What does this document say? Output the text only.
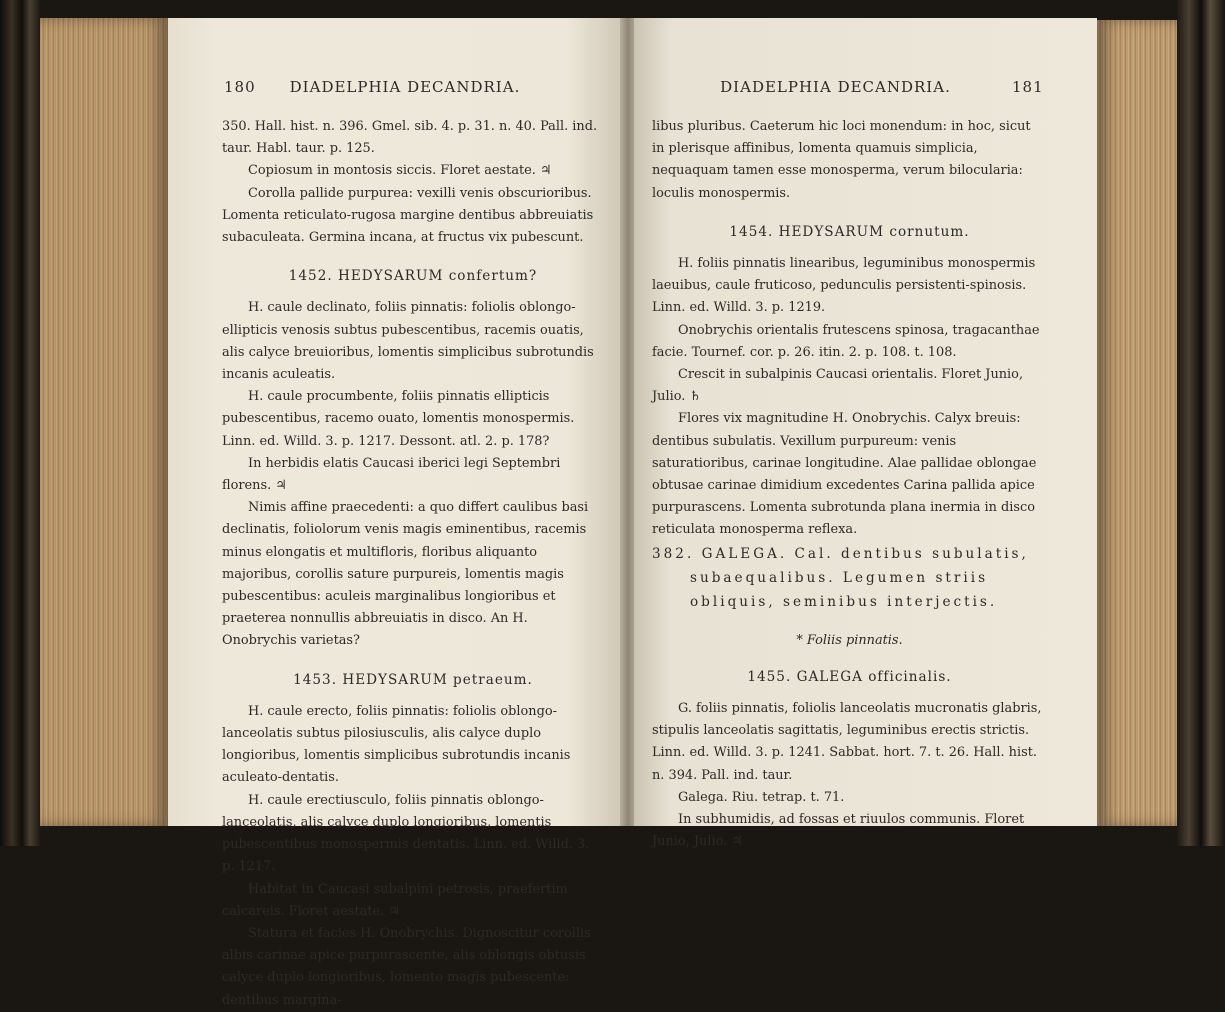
180	DIADELPHIA DECANDRIA.

350. Hall. hist. n. 396. Gmel. sib. 4. p. 31. n. 40. Pall. ind. taur. Habl. taur. p. 125.

Copiosum in montosis siccis. Floret aestate. ♃

Corolla pallide purpurea: vexilli venis obscurioribus. Lomenta reticulato-rugosa margine dentibus abbreuiatis subaculeata. Germina incana, at fructus vix pubescunt.

1452. HEDYSARUM confertum?

H. caule declinato, foliis pinnatis: foliolis oblongo-ellipticis venosis subtus pubescentibus, racemis ouatis, alis calyce breuioribus, lomentis simplicibus subrotundis incanis aculeatis.

H. caule procumbente, foliis pinnatis ellipticis pubescentibus, racemo ouato, lomentis monospermis. Linn. ed. Willd. 3. p. 1217. Dessont. atl. 2. p. 178?

In herbidis elatis Caucasi iberici legi Septembri florens. ♃

Nimis affine praecedenti: a quo differt caulibus basi declinatis, foliolorum venis magis eminentibus, racemis minus elongatis et multifloris, floribus aliquanto majoribus, corollis saturе purpureis, lomentis magis pubescentibus: aculeis marginalibus longioribus et praeterea nonnullis abbreuiatis in disco. An H. Onobrychis varietas?

1453. HEDYSARUM petraeum.

H. caule erecto, foliis pinnatis: foliolis oblongo-lanceolatis subtus pilosiusculis, alis calyce duplo longioribus, lomentis simplicibus subrotundis incanis aculeato-dentatis.

H. caule erectiusculo, foliis pinnatis oblongo-lanceolatis, alis calyce duplo longioribus, lomentis pubescentibus monospermis dentatis. Linn. ed. Willd. 3. p. 1217.

Habitat in Caucasi subalpini petrosis, praefertim calcareis. Floret aestate. ♃

Statura et facies H. Onobrychis. Dignoscitur corollis albis carinae apice purpurascente, alis oblongis obtusis calyce duplo longioribus, lomento magis pubescente: dentibus margina-

DIADELPHIA DECANDRIA.	181

libus pluribus. Caeterum hic loci monendum: in hoc, sicut in plerisque affinibus, lomenta quamuis simplicia, nequaquam tamen esse monosperma, verum bilocularia: loculis monospermis.

1454. HEDYSARUM cornutum.

H. foliis pinnatis linearibus, leguminibus monospermis laeuibus, caule fruticoso, pedunculis persistenti-spinosis. Linn. ed. Willd. 3. p. 1219.

Onobrychis orientalis frutescens spinosa, tragacanthae facie. Tournef. cor. p. 26. itin. 2. p. 108. t. 108.

Crescit in subalpinis Caucasi orientalis. Floret Junio, Julio. ♄

Flores vix magnitudine H. Onobrychis. Calyx breuis: dentibus subulatis. Vexillum purpureum: venis saturatioribus, carinae longitudine. Alae pallidae oblongae obtusae carinae dimidium excedentes Carina pallida apice purpurascens. Lomenta subrotunda plana inermia in disco reticulata monosperma reflexa.

382. GALEGA. Cal. dentibus subulatis, subaequalibus. Legumen striis obliquis, seminibus interjectis.

* Foliis pinnatis.

1455. GALEGA officinalis.

G. foliis pinnatis, foliolis lanceolatis mucronatis glabris, stipulis lanceolatis sagittatis, leguminibus erectis strictis. Linn. ed. Willd. 3. p. 1241. Sabbat. hort. 7. t. 26. Hall. hist. n. 394. Pall. ind. taur.

Galega. Riu. tetrap. t. 71.

In subhumidis, ad fossas et riuulos communis. Floret Junio, Julio. ♃
